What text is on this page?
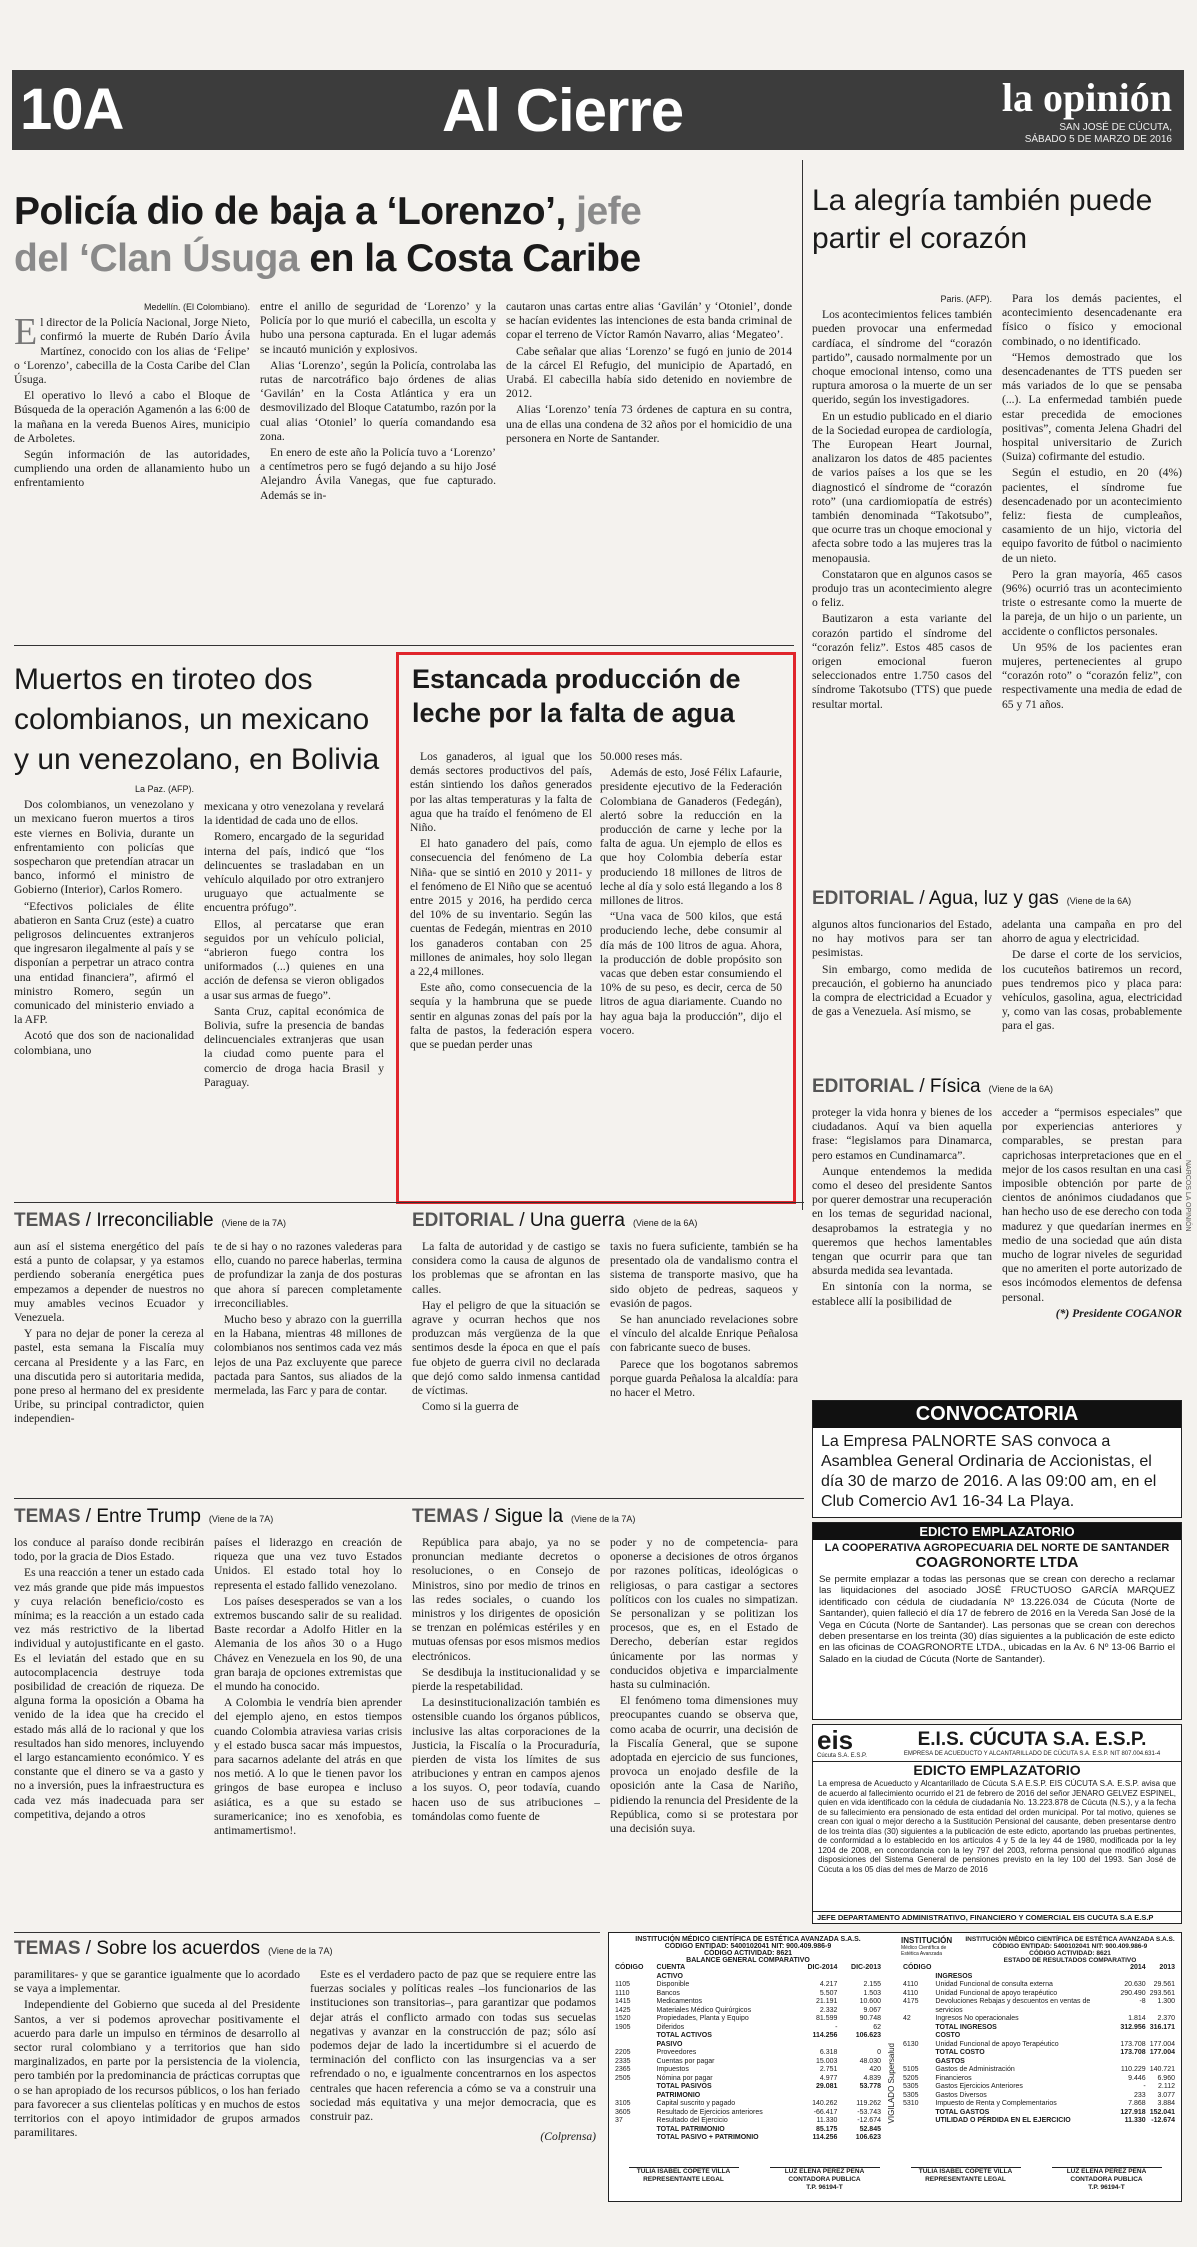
10A	Al Cierre	la opinión
SAN JOSÉ DE CÚCUTA,
SÁBADO 5 DE MARZO DE 2016
Policía dio de baja a ‘Lorenzo’, jefe
del ‘Clan Úsuga en la Costa Caribe
Medellín. (El Colombiano).

El director de la Policía Nacional, Jorge Nieto, confirmó la muerte de Rubén Darío Ávila Martínez, conocido con los alias de ‘Felipe’ o ‘Lorenzo’, cabecilla de la Costa Caribe del Clan Úsuga.

El operativo lo llevó a cabo el Bloque de Búsqueda de la operación Agamenón a las 6:00 de la mañana en la vereda Buenos Aires, municipio de Arboletes.

Según información de las autoridades, cumpliendo una orden de allanamiento hubo un enfrentamiento

entre el anillo de seguridad de ‘Lorenzo’ y la Policía por lo que murió el cabecilla, un escolta y hubo una persona capturada. En el lugar además se incautó munición y explosivos.

Alias ‘Lorenzo’, según la Policía, controlaba las rutas de narcotráfico bajo órdenes de alias ‘Gavilán’ en la Costa Atlántica y era un desmovilizado del Bloque Catatumbo, razón por la cual alias ‘Otoniel’ lo quería comandando esa zona.

En enero de este año la Policía tuvo a ‘Lorenzo’ a centímetros pero se fugó dejando a su hijo José Alejandro Ávila Vanegas, que fue capturado. Además se in-

cautaron unas cartas entre alias ‘Gavilán’ y ‘Otoniel’, donde se hacían evidentes las intenciones de esta banda criminal de copar el terreno de Víctor Ramón Navarro, alias ‘Megateo’.

Cabe señalar que alias ‘Lorenzo’ se fugó en junio de 2014 de la cárcel El Refugio, del municipio de Apartadó, en Urabá. El cabecilla había sido detenido en noviembre de 2012.

Alias ‘Lorenzo’ tenía 73 órdenes de captura en su contra, una de ellas una condena de 32 años por el homicidio de una personera en Norte de Santander.

La alegría también puede partir el corazón
Paris. (AFP).

Los acontecimientos felices también pueden provocar una enfermedad cardíaca, el síndrome del “corazón partido”, causado normalmente por un choque emocional intenso, como una ruptura amorosa o la muerte de un ser querido, según los investigadores.

En un estudio publicado en el diario de la Sociedad europea de cardiología, The European Heart Journal, analizaron los datos de 485 pacientes de varios países a los que se les diagnosticó el síndrome de “corazón roto” (una cardiomiopatía de estrés) también denominada “Takotsubo”, que ocurre tras un choque emocional y afecta sobre todo a las mujeres tras la menopausia.

Constataron que en algunos casos se produjo tras un acontecimiento alegre o feliz.

Bautizaron a esta variante del corazón partido el síndrome del “corazón feliz”. Estos 485 casos de origen emocional fueron seleccionados entre 1.750 casos del síndrome Takotsubo (TTS) que puede resultar mortal.

Para los demás pacientes, el acontecimiento desencadenante era físico o físico y emocional combinado, o no identificado.

“Hemos demostrado que los desencadenantes de TTS pueden ser más variados de lo que se pensaba (...). La enfermedad también puede estar precedida de emociones positivas”, comenta Jelena Ghadri del hospital universitario de Zurich (Suiza) cofirmante del estudio.

Según el estudio, en 20 (4%) pacientes, el síndrome fue desencadenado por un acontecimiento feliz: fiesta de cumpleaños, casamiento de un hijo, victoria del equipo favorito de fútbol o nacimiento de un nieto.

Pero la gran mayoría, 465 casos (96%) ocurrió tras un acontecimiento triste o estresante como la muerte de la pareja, de un hijo o un pariente, un accidente o conflictos personales.

Un 95% de los pacientes eran mujeres, pertenecientes al grupo “corazón roto” o “corazón feliz”, con respectivamente una media de edad de 65 y 71 años.

Muertos en tiroteo dos colombianos, un mexicano y un venezolano, en Bolivia
La Paz. (AFP).

Dos colombianos, un venezolano y un mexicano fueron muertos a tiros este viernes en Bolivia, durante un enfrentamiento con policías que sospecharon que pretendían atracar un banco, informó el ministro de Gobierno (Interior), Carlos Romero.

“Efectivos policiales de élite abatieron en Santa Cruz (este) a cuatro peligrosos delincuentes extranjeros que ingresaron ilegalmente al país y se disponían a perpetrar un atraco contra una entidad financiera”, afirmó el ministro Romero, según un comunicado del ministerio enviado a la AFP.

Acotó que dos son de nacionalidad colombiana, uno

mexicana y otro venezolana y revelará la identidad de cada uno de ellos.

Romero, encargado de la seguridad interna del país, indicó que “los delincuentes se trasladaban en un vehículo alquilado por otro extranjero uruguayo que actualmente se encuentra prófugo”.

Ellos, al percatarse que eran seguidos por un vehículo policial, “abrieron fuego contra los uniformados (...) quienes en una acción de defensa se vieron obligados a usar sus armas de fuego”.

Santa Cruz, capital económica de Bolivia, sufre la presencia de bandas delincuenciales extranjeras que usan la ciudad como puente para el comercio de droga hacia Brasil y Paraguay.

Estancada producción de leche por la falta de agua

Los ganaderos, al igual que los demás sectores productivos del país, están sintiendo los daños generados por las altas temperaturas y la falta de agua que ha traído el fenómeno de El Niño.

El hato ganadero del país, como consecuencia del fenómeno de La Niña- que se sintió en 2010 y 2011- y el fenómeno de El Niño que se acentuó entre 2015 y 2016, ha perdido cerca del 10% de su inventario. Según las cuentas de Fedegán, mientras en 2010 los ganaderos contaban con 25 millones de animales, hoy solo llegan a 22,4 millones.

Este año, como consecuencia de la sequía y la hambruna que se puede sentir en algunas zonas del país por la falta de pastos, la federación espera que se puedan perder unas

50.000 reses más.

Además de esto, José Félix Lafaurie, presidente ejecutivo de la Federación Colombiana de Ganaderos (Fedegán), alertó sobre la reducción en la producción de carne y leche por la falta de agua. Un ejemplo de ellos es que hoy Colombia debería estar produciendo 18 millones de litros de leche al día y solo está llegando a los 8 millones de litros.

“Una vaca de 500 kilos, que está produciendo leche, debe consumir al día más de 100 litros de agua. Ahora, la producción de doble propósito son vacas que deben estar consumiendo el 10% de su peso, es decir, cerca de 50 litros de agua diariamente. Cuando no hay agua baja la producción”, dijo el vocero.

EDITORIAL / Agua, luz y gas (Viene de la 6A)

algunos altos funcionarios del Estado, no hay motivos para ser tan pesimistas.

Sin embargo, como medida de precaución, el gobierno ha anunciado la compra de electricidad a Ecuador y de gas a Venezuela. Así mismo, se

adelanta una campaña en pro del ahorro de agua y electricidad.

De darse el corte de los servicios, los cucuteños batiremos un record, pues tendremos pico y placa para: vehículos, gasolina, agua, electricidad y, como van las cosas, probablemente para el gas.

EDITORIAL / Física (Viene de la 6A)

proteger la vida honra y bienes de los ciudadanos. Aquí va bien aquella frase: “legislamos para Dinamarca, pero estamos en Cundinamarca”.

Aunque entendemos la medida como el deseo del presidente Santos por querer demostrar una recuperación en los temas de seguridad nacional, desaprobamos la estrategia y no queremos que hechos lamentables tengan que ocurrir para que tan absurda medida sea levantada.

En sintonía con la norma, se establece allí la posibilidad de

acceder a “permisos especiales” que por experiencias anteriores y comparables, se prestan para caprichosas interpretaciones que en el mejor de los casos resultan en una casi imposible obtención por parte de cientos de anónimos ciudadanos que han hecho uso de ese derecho con toda madurez y que quedarían inermes en medio de una sociedad que aún dista mucho de lograr niveles de seguridad que no ameriten el porte autorizado de esos incómodos elementos de defensa personal.

(*) Presidente COGANOR
NARCOS LA OPINIÓN
TEMAS / Irreconciliable (Viene de la 7A)

aun así el sistema energético del país está a punto de colapsar, y ya estamos perdiendo soberanía energética pues empezamos a depender de nuestros no muy amables vecinos Ecuador y Venezuela.

Y para no dejar de poner la cereza al pastel, esta semana la Fiscalía muy cercana al Presidente y a las Farc, en una discutida pero si autoritaria medida, pone preso al hermano del ex presidente Uribe, su principal contradictor, quien independien-

te de si hay o no razones valederas para ello, cuando no parece haberlas, termina de profundizar la zanja de dos posturas que ahora sí parecen completamente irreconciliables.

Mucho beso y abrazo con la guerrilla en la Habana, mientras 48 millones de colombianos nos sentimos cada vez más lejos de una Paz excluyente que parece pactada para Santos, sus aliados de la mermelada, las Farc y para de contar.

EDITORIAL / Una guerra (Viene de la 6A)

La falta de autoridad y de castigo se considera como la causa de algunos de los problemas que se afrontan en las calles.

Hay el peligro de que la situación se agrave y ocurran hechos que nos produzcan más vergüenza de la que sentimos desde la época en que el país fue objeto de guerra civil no declarada que dejó como saldo inmensa cantidad de víctimas.

Como si la guerra de

taxis no fuera suficiente, también se ha presentado ola de vandalismo contra el sistema de transporte masivo, que ha sido objeto de pedreas, saqueos y evasión de pagos.

Se han anunciado revelaciones sobre el vínculo del alcalde Enrique Peñalosa con fabricante sueco de buses.

Parece que los bogotanos sabremos porque guarda Peñalosa la alcaldía: para no hacer el Metro.

CONVOCATORIA
La Empresa PALNORTE SAS convoca a Asamblea General Ordinaria de Accionistas, el día 30 de marzo de 2016. A las 09:00 am, en el Club Comercio Av1 16-34 La Playa.
TEMAS / Entre Trump (Viene de la 7A)

los conduce al paraíso donde recibirán todo, por la gracia de Dios Estado.

Es una reacción a tener un estado cada vez más grande que pide más impuestos y cuya relación beneficio/costo es mínima; es la reacción a un estado cada vez más restrictivo de la libertad individual y autojustificante en el gasto. Es el leviatán del estado que en su autocomplacencia destruye toda posibilidad de creación de riqueza. De alguna forma la oposición a Obama ha venido de la idea que ha crecido el estado más allá de lo racional y que los resultados han sido menores, incluyendo el largo estancamiento económico. Y es constante que el dinero se va a gasto y no a inversión, pues la infraestructura es cada vez más inadecuada para ser competitiva, dejando a otros

países el liderazgo en creación de riqueza que una vez tuvo Estados Unidos. El estado total hoy lo representa el estado fallido venezolano.

Los países desesperados se van a los extremos buscando salir de su realidad. Baste recordar a Adolfo Hitler en la Alemania de los años 30 o a Hugo Chávez en Venezuela en los 90, de una gran baraja de opciones extremistas que el mundo ha conocido.

A Colombia le vendría bien aprender del ejemplo ajeno, en estos tiempos cuando Colombia atraviesa varias crisis y el estado busca sacar más impuestos, para sacarnos adelante del atrás en que nos metió. A lo que le tienen pavor los gringos de base europea e incluso asiática, es a que su estado se suramericanice; ino es xenofobia, es antimamertismo!.

TEMAS / Sigue la (Viene de la 7A)

República para abajo, ya no se pronuncian mediante decretos o resoluciones, o en Consejo de Ministros, sino por medio de trinos en las redes sociales, o cuando los ministros y los dirigentes de oposición se trenzan en polémicas estériles y en mutuas ofensas por esos mismos medios electrónicos.

Se desdibuja la institucionalidad y se pierde la respetabilidad.

La desinstitucionalización también es ostensible cuando los órganos públicos, inclusive las altas corporaciones de la Justicia, la Fiscalía o la Procuraduría, pierden de vista los límites de sus atribuciones y entran en campos ajenos a los suyos. O, peor todavía, cuando hacen uso de sus atribuciones –tomándolas como fuente de

poder y no de competencia- para oponerse a decisiones de otros órganos por razones políticas, ideológicas o religiosas, o para castigar a sectores políticos con los cuales no simpatizan. Se personalizan y se politizan los procesos, que es, en el Estado de Derecho, deberían estar regidos únicamente por las normas y conducidos objetiva e imparcialmente hasta su culminación.

El fenómeno toma dimensiones muy preocupantes cuando se observa que, como acaba de ocurrir, una decisión de la Fiscalía General, que se supone adoptada en ejercicio de sus funciones, provoca un enojado desfile de la oposición ante la Casa de Nariño, pidiendo la renuncia del Presidente de la República, como si se protestara por una decisión suya.

EDICTO EMPLAZATORIO
LA COOPERATIVA AGROPECUARIA DEL NORTE DE SANTANDER
COAGRONORTE LTDA
Se permite emplazar a todas las personas que se crean con derecho a reclamar las liquidaciones del asociado JOSÉ FRUCTUOSO GARCÍA MARQUEZ identificado con cédula de ciudadanía Nº 13.226.034 de Cúcuta (Norte de Santander), quien falleció el día 17 de febrero de 2016 en la Vereda San José de la Vega en Cúcuta (Norte de Santander). Las personas que se crean con derechos deben presentarse en los treinta (30) días siguientes a la publicación de este edicto en las oficinas de COAGRONORTE LTDA., ubicadas en la Av. 6 Nº 13-06 Barrio el Salado en la ciudad de Cúcuta (Norte de Santander).
eis
Cúcuta S.A. E.S.P.
E.I.S. CÚCUTA S.A. E.S.P.
EMPRESA DE ACUEDUCTO Y ALCANTARILLADO DE CÚCUTA S.A. E.S.P. NIT 807.004.631-4
EDICTO EMPLAZATORIO
La empresa de Acueducto y Alcantarillado de Cúcuta S.A E.S.P. EIS CÚCUTA S.A. E.S.P. avisa que de acuerdo al fallecimiento ocurrido el 21 de febrero de 2016 del señor JENARO GELVEZ ESPINEL, quien en vida identificado con la cédula de ciudadanía No. 13.223.878 de Cúcuta (N.S.), y a la fecha de su fallecimiento era pensionado de esta entidad del orden municipal. Por tal motivo, quienes se crean con igual o mejor derecho a la Sustitución Pensional del causante, deben presentarse dentro de los treinta días (30) siguientes a la publicación de este edicto, aportando las pruebas pertinentes, de conformidad a lo establecido en los artículos 4 y 5 de la ley 44 de 1980, modificada por la ley 1204 de 2008, en concordancia con la ley 797 del 2003, reforma pensional que modificó algunas disposiciones del Sistema General de pensiones previsto en la ley 100 del 1993. San José de Cúcuta a los 05 días del mes de Marzo de 2016
JEFE DEPARTAMENTO ADMINISTRATIVO, FINANCIERO Y COMERCIAL EIS CUCUTA S.A E.S.P
TEMAS / Sobre los acuerdos (Viene de la 7A)

paramilitares- y que se garantice igualmente que lo acordado se vaya a implementar.

Independiente del Gobierno que suceda al del Presidente Santos, a ver si podemos aprovechar positivamente el acuerdo para darle un impulso en términos de desarrollo al sector rural colombiano y a territorios que han sido marginalizados, en parte por la persistencia de la violencia, pero también por la predominancia de prácticas corruptas que o se han apropiado de los recursos públicos, o los han feriado para favorecer a sus clientelas políticas y en muchos de estos territorios con el apoyo intimidador de grupos armados paramilitares.

Este es el verdadero pacto de paz que se requiere entre las fuerzas sociales y políticas reales –los funcionarios de las instituciones son transitorias–, para garantizar que podamos dejar atrás el conflicto armado con todas sus secuelas negativas y avanzar en la construcción de paz; sólo así podemos dejar de lado la incertidumbre si el acuerdo de terminación del conflicto con las insurgencias va a ser refrendado o no, e igualmente concentrarnos en los aspectos centrales que hacen referencia a cómo se va a construir una sociedad más equitativa y una mejor democracia, que es construir paz.

(Colprensa)
INSTITUCIÓN MÉDICO CIENTÍFICA DE ESTÉTICA AVANZADA S.A.S.
CÓDIGO ENTIDAD: 5400102041 NIT: 900.409.986-9
CÓDIGO ACTIVIDAD: 8621
BALANCE GENERAL COMPARATIVO
CÓDIGO	CUENTA	DIC-2014	DIC-2013
	ACTIVO		
1105	Disponible	4.217	2.155
1110	Bancos	5.507	1.503
1415	Medicamentos	21.191	10.600
1425	Materiales Médico Quirúrgicos	2.332	9.067
1520	Propiedades, Planta y Equipo	81.599	90.748
1905	Diferidos	-	62
	TOTAL ACTIVOS	114.256	106.623
	PASIVO		
2205	Proveedores	6.318	0
2335	Cuentas por pagar	15.003	48.030
2365	Impuestos	2.751	420
2505	Nómina por pagar	4.977	4.839
	TOTAL PASIVOS	29.081	53.778
	PATRIMONIO		
3105	Capital suscrito y pagado	140.262	119.262
3605	Resultado de Ejercicios anteriores	-66.417	-53.743
37	Resultado del Ejercicio	11.330	-12.674
	TOTAL PATRIMONIO	85.175	52.845
	TOTAL PASIVO + PATRIMONIO	114.256	106.623
VIGILADO Supersalud
INSTITUCIÓN
Médico Científica de Estética Avanzada
INSTITUCIÓN MÉDICO CIENTÍFICA DE ESTÉTICA AVANZADA S.A.S.
CÓDIGO ENTIDAD: 5400102041 NIT: 900.409.986-9
CÓDIGO ACTIVIDAD: 8621
ESTADO DE RESULTADOS COMPARATIVO
CÓDIGO		2014	2013
	INGRESOS		
4110	Unidad Funcional de consulta externa	20.630	29.561
4110	Unidad Funcional de apoyo terapéutico	290.490	293.561
4175	Devoluciones Rebajas y descuentos en ventas de servicios	-8	1.300
42	Ingresos No operacionales	1.814	2.370
	TOTAL INGRESOS	312.956	316.171
	COSTO		
6130	Unidad Funcional de apoyo Terapéutico	173.708	177.004
	TOTAL COSTO	173.708	177.004
	GASTOS		
5105	Gastos de Administración	110.229	140.721
5205	Financieros	9.446	6.960
5305	Gastos Ejercicios Anteriores	-	2.112
5305	Gastos Diversos	233	3.077
5310	Impuesto de Renta y Complementarios	7.868	3.884
	TOTAL GASTOS	127.918	152.041
	UTILIDAD O PÉRDIDA EN EL EJERCICIO	11.330	-12.674
TULIA ISABEL COPETE VILLA
REPRESENTANTE LEGAL
LUZ ELENA PEREZ PEÑA
CONTADORA PUBLICA
T.P. 96194-T
TULIA ISABEL COPETE VILLA
REPRESENTANTE LEGAL
LUZ ELENA PEREZ PEÑA
CONTADORA PUBLICA
T.P. 96194-T
